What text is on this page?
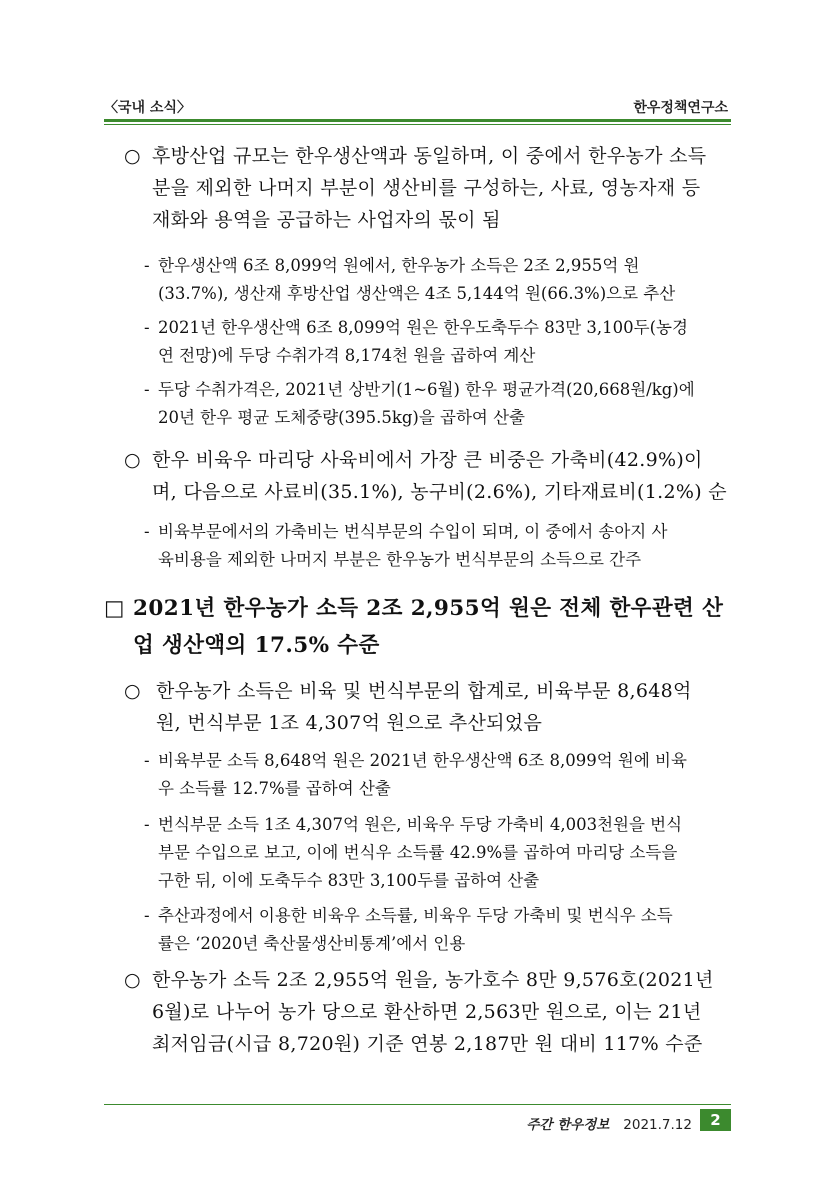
〈국내 소식〉	한우정책연구소
○ 후방산업 규모는 한우생산액과 동일하며, 이 중에서 한우농가 소득
분을 제외한 나머지 부분이 생산비를 구성하는, 사료, 영농자재 등
재화와 용역을 공급하는 사업자의 몫이 됨
- 한우생산액 6조 8,099억 원에서, 한우농가 소득은 2조 2,955억 원
(33.7%), 생산재 후방산업 생산액은 4조 5,144억 원(66.3%)으로 추산
- 2021년 한우생산액 6조 8,099억 원은 한우도축두수 83만 3,100두(농경
연 전망)에 두당 수취가격 8,174천 원을 곱하여 계산
- 두당 수취가격은, 2021년 상반기(1~6월) 한우 평균가격(20,668원/kg)에
20년 한우 평균 도체중량(395.5kg)을 곱하여 산출
○ 한우 비육우 마리당 사육비에서 가장 큰 비중은 가축비(42.9%)이
며, 다음으로 사료비(35.1%), 농구비(2.6%), 기타재료비(1.2%) 순
- 비육부문에서의 가축비는 번식부문의 수입이 되며, 이 중에서 송아지 사
육비용을 제외한 나머지 부분은 한우농가 번식부문의 소득으로 간주
□ 2021년 한우농가 소득 2조 2,955억 원은 전체 한우관련 산
업 생산액의 17.5% 수준
○ 한우농가 소득은 비육 및 번식부문의 합계로, 비육부문 8,648억
원, 번식부문 1조 4,307억 원으로 추산되었음
- 비육부문 소득 8,648억 원은 2021년 한우생산액 6조 8,099억 원에 비육
우 소득률 12.7%를 곱하여 산출
- 번식부문 소득 1조 4,307억 원은, 비육우 두당 가축비 4,003천원을 번식
부문 수입으로 보고, 이에 번식우 소득률 42.9%를 곱하여 마리당 소득을
구한 뒤, 이에 도축두수 83만 3,100두를 곱하여 산출
- 추산과정에서 이용한 비육우 소득률, 비육우 두당 가축비 및 번식우 소득
률은 ‘2020년 축산물생산비통계’에서 인용
○ 한우농가 소득 2조 2,955억 원을, 농가호수 8만 9,576호(2021년
6월)로 나누어 농가 당으로 환산하면 2,563만 원으로, 이는 21년
최저임금(시급 8,720원) 기준 연봉 2,187만 원 대비 117% 수준
주간 한우정보 2021.7.12	2
